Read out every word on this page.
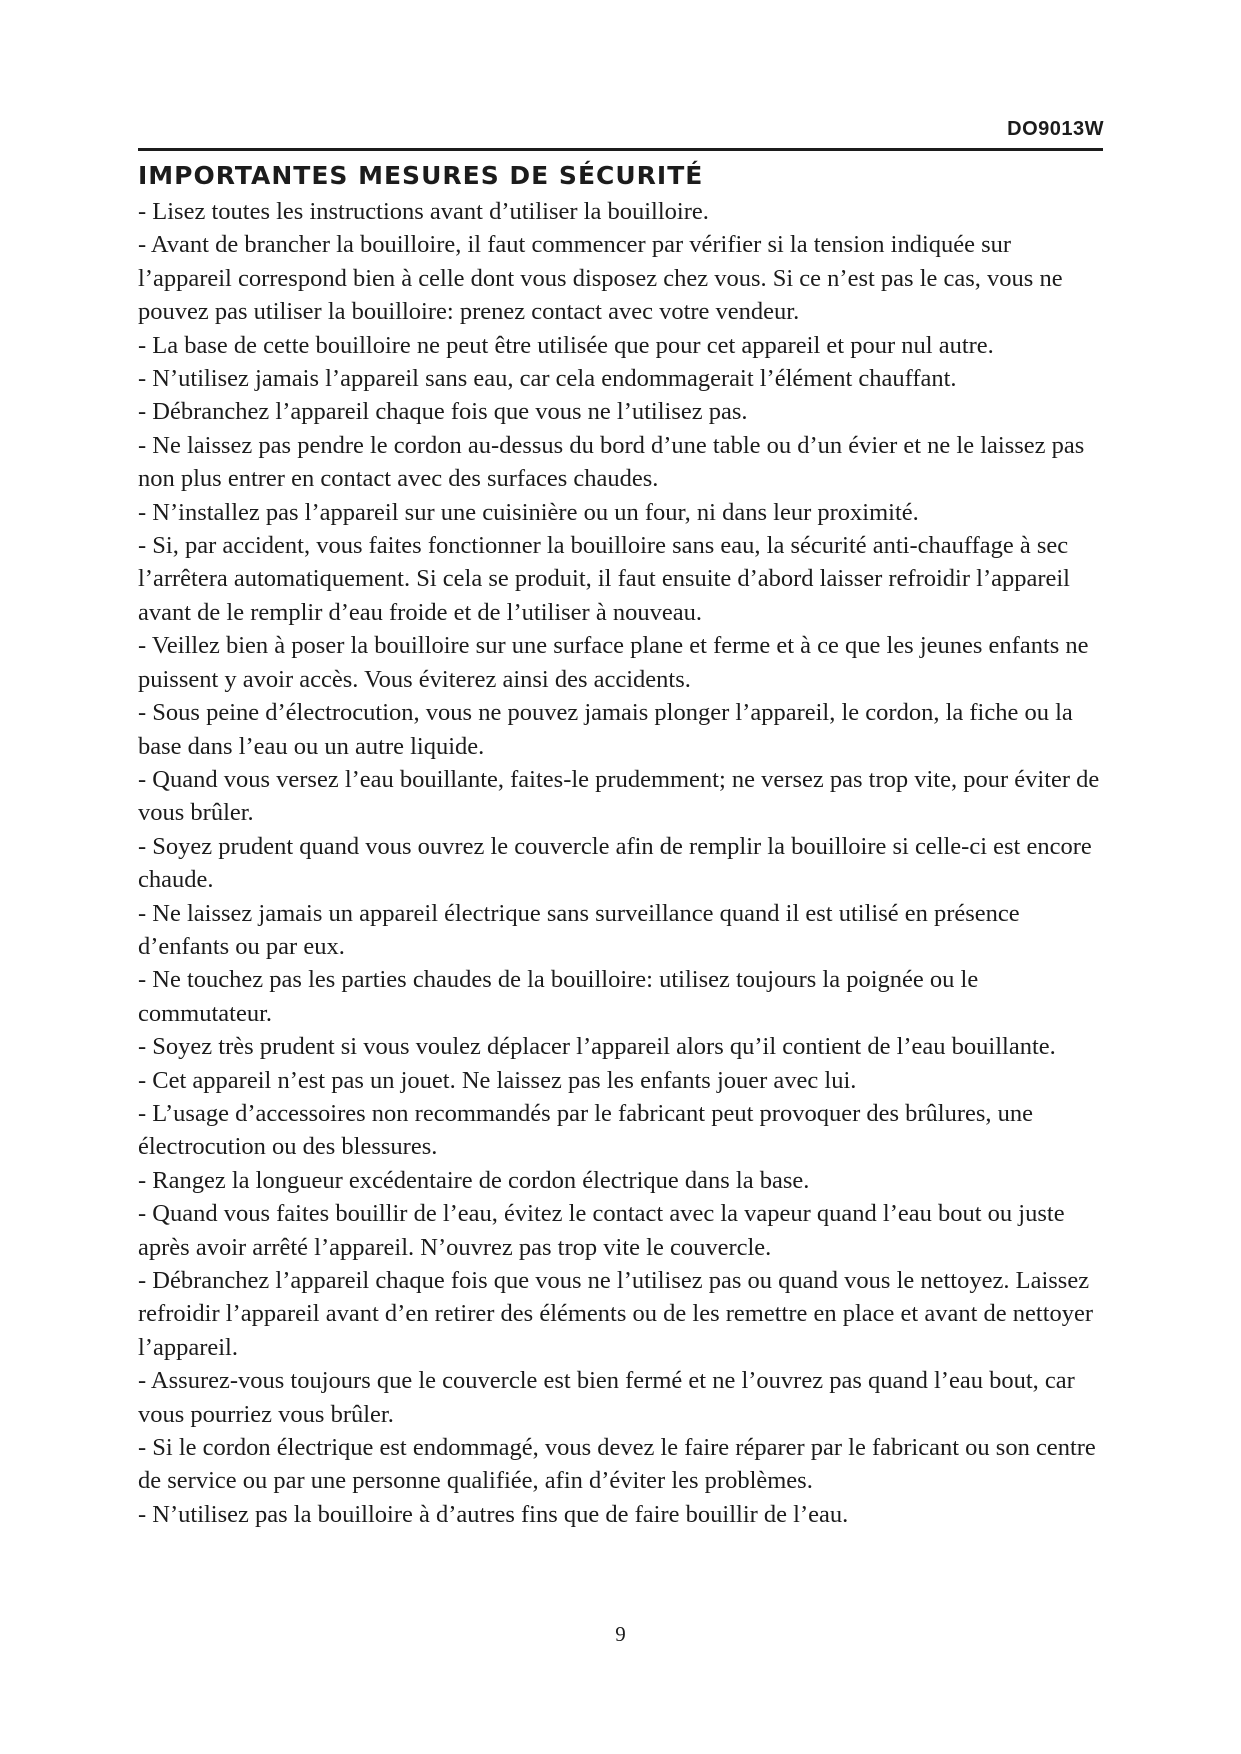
DO9013W
IMPORTANTES MESURES DE SÉCURITÉ
- Lisez toutes les instructions avant d’utiliser la bouilloire.
- Avant de brancher la bouilloire, il faut commencer par vérifier si la tension indiquée sur l’appareil correspond bien à celle dont vous disposez chez vous. Si ce n’est pas le cas, vous ne pouvez pas utiliser la bouilloire: prenez contact avec votre vendeur.
- La base de cette bouilloire ne peut être utilisée que pour cet appareil et pour nul autre.
- N’utilisez jamais l’appareil sans eau, car cela endommagerait l’élément chauffant.
- Débranchez l’appareil chaque fois que vous ne l’utilisez pas.
- Ne laissez pas pendre le cordon au-dessus du bord d’une table ou d’un évier et ne le laissez pas non plus entrer en contact avec des surfaces chaudes.
- N’installez pas l’appareil sur une cuisinière ou un four, ni dans leur proximité.
- Si, par accident, vous faites fonctionner la bouilloire sans eau, la sécurité anti-chauffage à sec l’arrêtera automatiquement. Si cela se produit, il faut ensuite d’abord laisser refroidir l’appareil avant de le remplir d’eau froide et de l’utiliser à nouveau.
- Veillez bien à poser la bouilloire sur une surface plane et ferme et à ce que les jeunes enfants ne puissent y avoir accès. Vous éviterez ainsi des accidents.
- Sous peine d’électrocution, vous ne pouvez jamais plonger l’appareil, le cordon, la fiche ou la base dans l’eau ou un autre liquide.
- Quand vous versez l’eau bouillante, faites-le prudemment; ne versez pas trop vite, pour éviter de vous brûler.
- Soyez prudent quand vous ouvrez le couvercle afin de remplir la bouilloire si celle-ci est encore chaude.
- Ne laissez jamais un appareil électrique sans surveillance quand il est utilisé en présence d’enfants ou par eux.
- Ne touchez pas les parties chaudes de la bouilloire: utilisez toujours la poignée ou le commutateur.
- Soyez très prudent si vous voulez déplacer l’appareil alors qu’il contient de l’eau bouillante.
- Cet appareil n’est pas un jouet. Ne laissez pas les enfants jouer avec lui.
- L’usage d’accessoires non recommandés par le fabricant peut provoquer des brûlures, une électrocution ou des blessures.
- Rangez la longueur excédentaire de cordon électrique dans la base.
- Quand vous faites bouillir de l’eau, évitez le contact avec la vapeur quand l’eau bout ou juste après avoir arrêté l’appareil. N’ouvrez pas trop vite le couvercle.
- Débranchez l’appareil chaque fois que vous ne l’utilisez pas ou quand vous le nettoyez. Laissez refroidir l’appareil avant d’en retirer des éléments ou de les remettre en place et avant de nettoyer l’appareil.
- Assurez-vous toujours que le couvercle est bien fermé et ne l’ouvrez pas quand l’eau bout, car vous pourriez vous brûler.
- Si le cordon électrique est endommagé, vous devez le faire réparer par le fabricant ou son centre de service ou par une personne qualifiée, afin d’éviter les problèmes.
- N’utilisez pas la bouilloire à d’autres fins que de faire bouillir de l’eau.
9
